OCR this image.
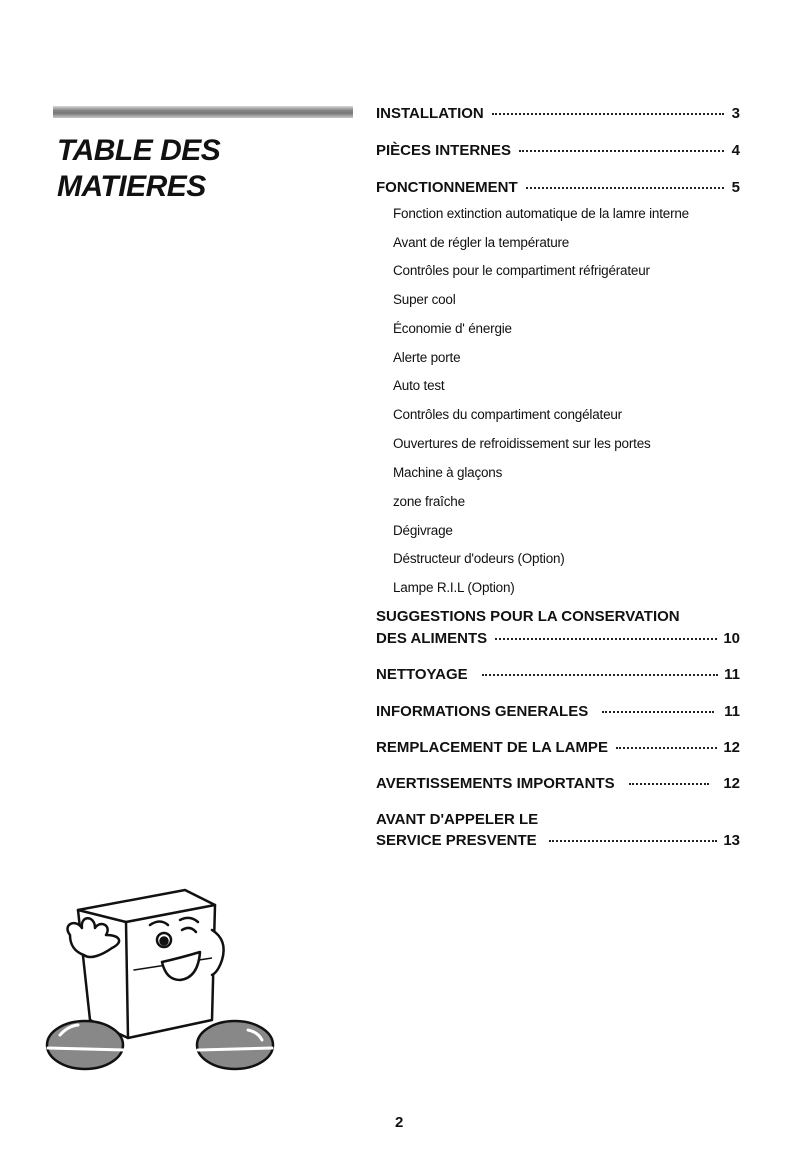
TABLE DES
MATIERES
INSTALLATION	3
PIÈCES INTERNES	4
FONCTIONNEMENT	5
Fonction extinction automatique de la lamre interne
Avant de régler la température
Contrôles pour le compartiment réfrigérateur
Super cool
Économie d' énergie
Alerte porte
Auto test
Contrôles du compartiment congélateur
Ouvertures de refroidissement sur les portes
Machine à glaçons
zone fraîche
Dégivrage
Déstructeur d'odeurs (Option)
Lampe R.I.L (Option)
SUGGESTIONS POUR LA CONSERVATION
DES ALIMENTS	10
NETTOYAGE	11
INFORMATIONS GENERALES	11
REMPLACEMENT DE LA LAMPE	12
AVERTISSEMENTS IMPORTANTS	12
AVANT D'APPELER LE
SERVICE PRESVENTE	13
2
